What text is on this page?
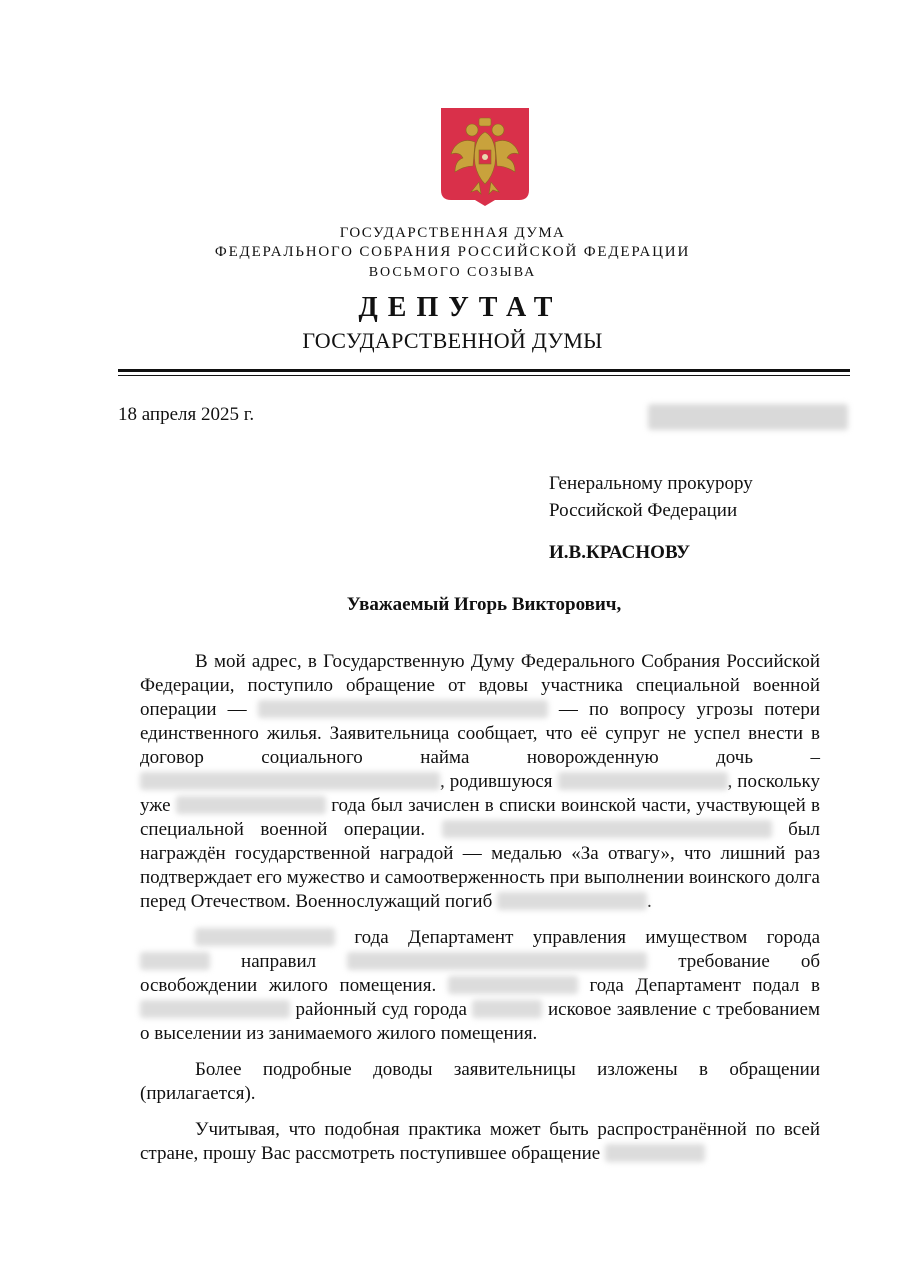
ГОСУДАРСТВЕННАЯ ДУМА
ФЕДЕРАЛЬНОГО СОБРАНИЯ РОССИЙСКОЙ ФЕДЕРАЦИИ
ВОСЬМОГО СОЗЫВА
ДЕПУТАТ
ГОСУДАРСТВЕННОЙ ДУМЫ
18 апреля 2025 г.
Генеральному прокурору
Российской Федерации
И.В.КРАСНОВУ
Уважаемый Игорь Викторович,

В мой адрес, в Государственную Думу Федерального Собрания Российской Федерации, поступило обращение от вдовы участника специальной военной операции —	— по вопросу угрозы потери единственного жилья. Заявительница сообщает, что её супруг не успел внести в договор социального найма новорожденную дочь – , родившуюся	, поскольку уже	года был зачислен в списки воинской части, участвующей в специальной военной операции.	был награждён государственной наградой — медалью «За отвагу», что лишний раз подтверждает его мужество и самоотверженность при выполнении воинского долга перед Отечеством. Военнослужащий погиб	.

года Департамент управления имуществом города  направил	требование об освобождении жилого помещения.	года Департамент подал в  районный суд города	исковое заявление с требованием о выселении из занимаемого жилого помещения.

Более подробные доводы заявительницы изложены в обращении (прилагается).

Учитывая, что подобная практика может быть распространённой по всей стране, прошу Вас рассмотреть поступившее обращение
